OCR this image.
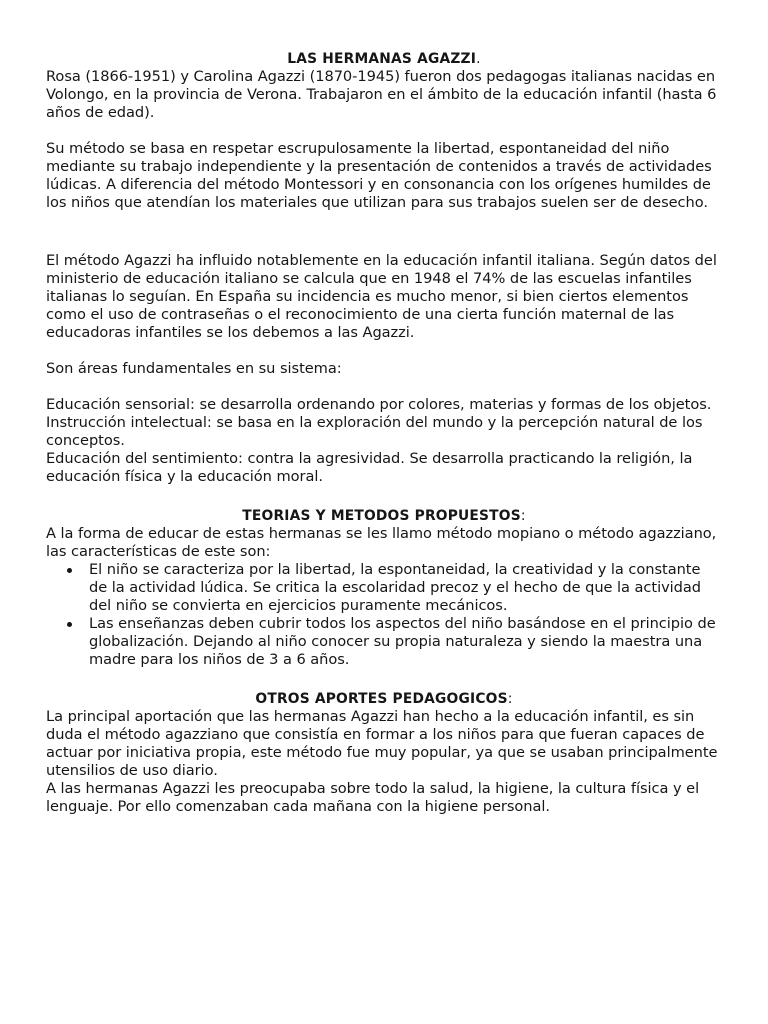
LAS HERMANAS AGAZZI.

Rosa (1866-1951) y Carolina Agazzi (1870-1945) fueron dos pedagogas italianas nacidas en Volongo, en la provincia de Verona. Trabajaron en el ámbito de la educación infantil (hasta 6 años de edad).

Su método se basa en respetar escrupulosamente la libertad, espontaneidad del niño mediante su trabajo independiente y la presentación de contenidos a través de actividades lúdicas. A diferencia del método Montessori y en consonancia con los orígenes humildes de los niños que atendían los materiales que utilizan para sus trabajos suelen ser de desecho.

El método Agazzi ha influido notablemente en la educación infantil italiana. Según datos del ministerio de educación italiano se calcula que en 1948 el 74% de las escuelas infantiles italianas lo seguían. En España su incidencia es mucho menor, si bien ciertos elementos como el uso de contraseñas o el reconocimiento de una cierta función maternal de las educadoras infantiles se los debemos a las Agazzi.

Son áreas fundamentales en su sistema:

Educación sensorial: se desarrolla ordenando por colores, materias y formas de los objetos.

Instrucción intelectual: se basa en la exploración del mundo y la percepción natural de los conceptos.

Educación del sentimiento: contra la agresividad. Se desarrolla practicando la religión, la educación física y la educación moral.

TEORIAS Y METODOS PROPUESTOS:

A la forma de educar de estas hermanas se les llamo método mopiano o método agazziano, las características de este son:

El niño se caracteriza por la libertad, la espontaneidad, la creatividad y la constante de la actividad lúdica. Se critica la escolaridad precoz y el hecho de que la actividad del niño se convierta en ejercicios puramente mecánicos.
Las enseñanzas deben cubrir todos los aspectos del niño basándose en el principio de globalización. Dejando al niño conocer su propia naturaleza y siendo la maestra una madre para los niños de 3 a 6 años.
OTROS APORTES PEDAGOGICOS:

La principal aportación que las hermanas Agazzi han hecho a la educación infantil, es sin duda el método agazziano que consistía en formar a los niños para que fueran capaces de actuar por iniciativa propia, este método fue muy popular, ya que se usaban principalmente utensilios de uso diario.

A las hermanas Agazzi les preocupaba sobre todo la salud, la higiene, la cultura física y el lenguaje. Por ello comenzaban cada mañana con la higiene personal.
